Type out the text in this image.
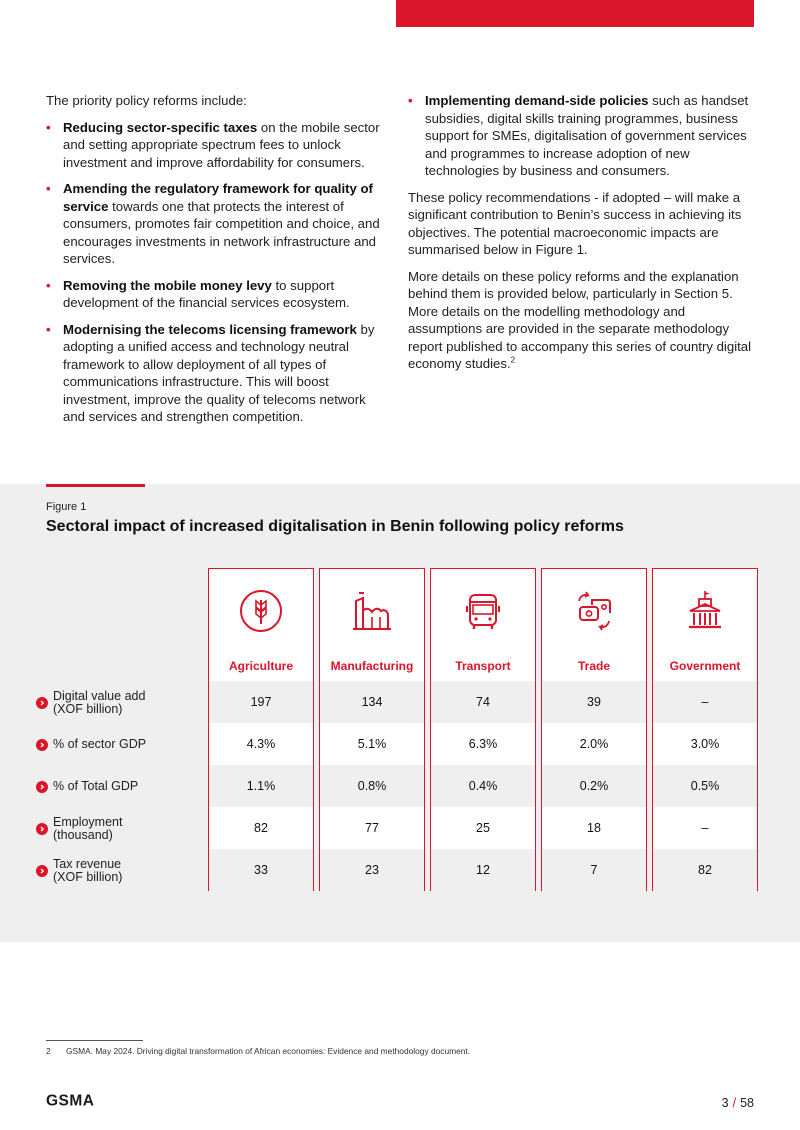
The priority policy reforms include:

• Reducing sector-specific taxes on the mobile sector and setting appropriate spectrum fees to unlock investment and improve affordability for consumers.
• Amending the regulatory framework for quality of service towards one that protects the interest of consumers, promotes fair competition and choice, and encourages investments in network infrastructure and services.
• Removing the mobile money levy to support development of the financial services ecosystem.
• Modernising the telecoms licensing framework by adopting a unified access and technology neutral framework to allow deployment of all types of communications infrastructure. This will boost investment, improve the quality of telecoms network and services and strengthen competition.
• Implementing demand-side policies such as handset subsidies, digital skills training programmes, business support for SMEs, digitalisation of government services and programmes to increase adoption of new technologies by business and consumers.

These policy recommendations - if adopted – will make a significant contribution to Benin’s success in achieving its objectives. The potential macroeconomic impacts are summarised below in Figure 1.

More details on these policy reforms and the explanation behind them is provided below, particularly in Section 5. More details on the modelling methodology and assumptions are provided in the separate methodology report published to accompany this series of country digital economy studies.$^2$

Figure 1
Sectoral impact of increased digitalisation in Benin following policy reforms
Digital value add
(XOF billion)
% of sector GDP
% of Total GDP
Employment
(thousand)
Tax revenue
(XOF billion)
Agriculture
197
4.3%
1.1%
82
33
Manufacturing
134
5.1%
0.8%
77
23
Transport
74
6.3%
0.4%
25
12
Trade
39
2.0%
0.2%
18
7
Government
–
3.0%
0.5%
–
82
2 GSMA. May 2024. Driving digital transformation of African economies: Evidence and methodology document.
GSMA	3 / 58
